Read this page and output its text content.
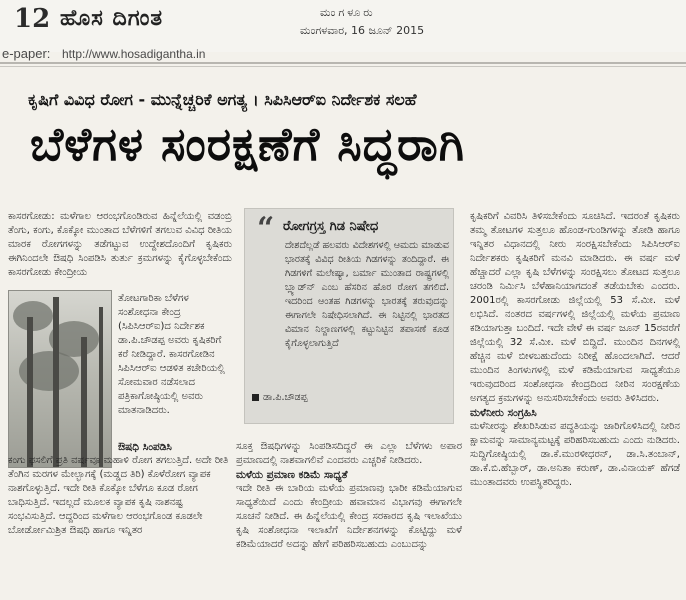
12 ಹೊಸ ದಿಗಂತ	ಮಂಗಳೂರು
ಮಂಗಳವಾರ, 16 ಜೂನ್ 2015
e-paper: http://www.hosadigantha.in
ಕೃಷಿಗೆ ವಿವಿಧ ರೋಗ - ಮುನ್ನೆಚ್ಚರಿಕೆ ಅಗತ್ಯ । ಸಿಪಿಸಿಆರ್‌ಐ ನಿರ್ದೇಶಕ ಸಲಹೆ
ಬೆಳೆಗಳ ಸಂರಕ್ಷಣೆಗೆ ಸಿದ್ಧರಾಗಿ

ಕಾಸರಗೋಡು: ಮಳೆಗಾಲ ಆರಂಭಗೊಂಡಿರುವ ಹಿನ್ನೆಲೆಯಲ್ಲಿ ವಡಂಬ್ರಿ ತೆಂಗು, ಕಂಗು, ಕೊಕ್ಕೋ ಮುಂತಾದ ಬೆಳೆಗಳಿಗೆ ತಗಲುವ ವಿವಿಧ ರೀತಿಯ ಮಾರಕ ರೋಗಗಳನ್ನು ತಡೆಗಟ್ಟುವ ಉದ್ದೇಶದೊಂದಿಗೆ ಕೃಷಿಕರು ಈಗಿನಿಂದಲೇ ಔಷಧಿ ಸಿಂಪಡಿಸಿ ತುರ್ತು ಕ್ರಮಗಳನ್ನು ಕೈಗೊಳ್ಳಬೇಕೆಂದು ಕಾಸರಗೋಡು ಕೇಂದ್ರೀಯ

ತೋಟಗಾರಿಕಾ ಬೆಳೆಗಳ ಸಂಶೋಧನಾ ಕೇಂದ್ರ (ಸಿಪಿಸಿಆರ್‌ಐ)ದ ನಿರ್ದೇಶಕ ಡಾ.ಪಿ.ಚೌಡಪ್ಪ ಅವರು ಕೃಷಿಕರಿಗೆ ಕರೆ ನೀಡಿದ್ದಾರೆ. ಕಾಸರಗೋಡಿನ ಸಿಪಿಸಿಆರ್‌ಐ ಆಡಳಿತ ಕಚೇರಿಯಲ್ಲಿ ಸೋಮವಾರ ನಡೆಸಲಾದ ಪತ್ರಿಕಾಗೋಷ್ಠಿಯಲ್ಲಿ ಅವರು ಮಾತನಾಡಿದರು.

ಔಷಧಿ ಸಿಂಪಡಿಸಿ

ಕಂಗು ಫಸಲಿಗೆ ಪ್ರತಿ ವರ್ಷವೂ ಮಹಾಳಿ ರೋಗ ತಗಲುತ್ತಿದೆ. ಅದೇ ರೀತಿ ತೆಂಗಿನ ಮರಗಳ ಮೇಲ್ಭಾಗಕ್ಕೆ (ಮಡ್ಡದ ತಿರಿ) ಕೊಳೆರೋಗ ವ್ಯಾಪಕ ನಾಶಗೊಳ್ಳುತ್ತಿದೆ. ಇದೇ ರೀತಿ ಕೊಕ್ಕೋ ಬೆಳೆಗೂ ಕೂಡ ರೋಗ ಬಾಧಿಸುತ್ತಿದೆ. ಇದಲ್ಲದೆ ಮೂಲಕ ವ್ಯಾಪಕ ಕೃಷಿ ನಾಶನಷ್ಟ ಸಂಭವಿಸುತ್ತಿದೆ. ಆದ್ದರಿಂದ ಮಳೆಗಾಲ ಆರಂಭಗೊಂಡ ಕೂಡಲೇ ಬೋರ್ಡೋಮಿಶ್ರಿತ ಔಷಧಿ ಹಾಗೂ ಇನ್ನಿತರ

“ ರೋಗಗ್ರಸ್ತ ಗಿಡ ನಿಷೇಧ
ದೇಶದೆಲ್ಲಡೆ ಹಲವರು ವಿದೇಶಗಳಲ್ಲಿ ಆಮದು ಮಾಡುವ ಭಾರತಕ್ಕೆ ವಿವಿಧ ರೀತಿಯ ಗಿಡಗಳನ್ನು ತಂದಿದ್ದಾರೆ. ಈ ಗಿಡಗಳಿಗೆ ಮಲೇಷ್ಯಾ, ಬರ್ಮಾ ಮುಂತಾದ ರಾಷ್ಟ್ರಗಳಲ್ಲಿ ಬ್ಲ್ಯಾಡ್‌ನ್ ಎಂಬ ಹೆಸರಿನ ಹೊರ ರೋಗ ತಗಲಿದೆ. ಇದರಿಂದ ಆಂತಹ ಗಿಡಗಳನ್ನು ಭಾರತಕ್ಕೆ ತರುವುದನ್ನು ಈಗಾಗಲೇ ನಿಷೇಧಿಸಲಾಗಿದೆ. ಈ ನಿಟ್ಟಿನಲ್ಲಿ ಭಾರತದ ವಿಮಾನ ನಿಲ್ದಾಣಗಳಲ್ಲಿ ಕಟ್ಟುನಿಟ್ಟಿನ ತಪಾಸಣೆ ಕೂಡ ಕೈಗೊಳ್ಳಲಾಗುತ್ತಿದೆ
ಡಾ.ಪಿ.ಚೌಡಪ್ಪ

ಸೂಕ್ತ ಔಷಧಿಗಳನ್ನು ಸಿಂಪಡಿಸದಿದ್ದರೆ ಈ ಎಲ್ಲಾ ಬೆಳೆಗಳು ಅಪಾರ ಪ್ರಮಾಣದಲ್ಲಿ ನಾಶವಾಗಲಿವೆ ಎಂದವರು ಎಚ್ಚರಿಕೆ ನೀಡಿದರು.

ಮಳೆಯ ಪ್ರಮಾಣ ಕಡಿಮೆ ಸಾಧ್ಯತೆ

ಇದೇ ರೀತಿ ಈ ಬಾರಿಯ ಮಳೆಯ ಪ್ರಮಾಣವು ಭಾರೀ ಕಡಿಮೆಯಾಗುವ ಸಾಧ್ಯತೆಯಿದೆ ಎಂದು ಕೇಂದ್ರೀಯ ಹವಾಮಾನ ವಿಭಾಗವು ಈಗಾಗಲೇ ಸೂಚನೆ ನೀಡಿದೆ. ಈ ಹಿನ್ನೆಲೆಯಲ್ಲಿ ಕೇಂದ್ರ ಸರಕಾರದ ಕೃಷಿ ಇಲಾಖೆಯು ಕೃಷಿ ಸಂಶೋಧನಾ ಇಲಾಖೆಗೆ ನಿರ್ದೇಶನಗಳನ್ನು ಕೊಟ್ಟಿದ್ದು ಮಳೆ ಕಡಿಮೆಯಾದರೆ ಅದನ್ನು ಹೇಗೆ ಪರಿಹರಿಸಬಹುದು ಎಂಬುದನ್ನು

ಕೃಷಿಕರಿಗೆ ವಿವರಿಸಿ ತಿಳಿಸಬೇಕೆಂದು ಸೂಚಿಸಿದೆ. ಇದರಂತೆ ಕೃಷಿಕರು ತಮ್ಮ ತೋಟಗಳ ಸುತ್ತಲೂ ಹೊಂಡ-ಗುಂಡಿಗಳನ್ನು ತೋಡಿ ಹಾಗೂ ಇನ್ನಿತರ ವಿಧಾನದಲ್ಲಿ ನೀರು ಸಂರಕ್ಷಿಸಬೇಕೆಂದು ಸಿಪಿಸಿಆರ್‌ಐ ನಿರ್ದೇಶಕರು ಕೃಷಿಕರಿಗೆ ಮನವಿ ಮಾಡಿದರು. ಈ ವರ್ಷ ಮಳೆ ಹೆಚ್ಚಾದರೆ ಎಲ್ಲಾ ಕೃಷಿ ಬೆಳೆಗಳನ್ನು ಸಂರಕ್ಷಿಸಲು ತೋಟದ ಸುತ್ತಲೂ ಚರಂಡಿ ನಿರ್ಮಿಸಿ ಬೆಳೆಹಾನಿಯಾಗದಂತೆ ತಡೆಯಬೇಕು ಎಂದರು. 2001ರಲ್ಲಿ ಕಾಸರಗೋಡು ಜಿಲ್ಲೆಯಲ್ಲಿ 53 ಸೆ.ಮೀ. ಮಳೆ ಲಭಿಸಿದೆ. ನಂತರದ ವರ್ಷಗಳಲ್ಲಿ ಜಿಲ್ಲೆಯಲ್ಲಿ ಮಳೆಯ ಪ್ರಮಾಣ ಕಡಿಯಾಗುತ್ತಾ ಬಂದಿದೆ. ಇದೇ ವೇಳೆ ಈ ವರ್ಷ ಜೂನ್ 15ರವರೆಗೆ ಜಿಲ್ಲೆಯಲ್ಲಿ 32 ಸೆ.ಮೀ. ಮಳೆ ಬಿದ್ದಿದೆ. ಮುಂದಿನ ದಿನಗಳಲ್ಲಿ ಹೆಚ್ಚಿನ ಮಳೆ ಬೀಳಬಹುದೆಂದು ನಿರೀಕ್ಷೆ ಹೊಂದಲಾಗಿದೆ. ಆದರೆ ಮುಂದಿನ ತಿಂಗಳುಗಳಲ್ಲಿ ಮಳೆ ಕಡಿಮೆಯಾಗುವ ಸಾಧ್ಯತೆಯೂ ಇರುವುದರಿಂದ ಸಂಶೋಧನಾ ಕೇಂದ್ರದಿಂದ ನೀರಿನ ಸಂರಕ್ಷಣೆಯ ಅಗತ್ಯದ ಕ್ರಮಗಳನ್ನು ಅನುಸರಿಸಬೇಕೆಂದು ಅವರು ತಿಳಿಸಿದರು.

ಮಳೆನೀರು ಸಂಗ್ರಹಿಸಿ

ಮಳೆನೀರನ್ನು ಶೇಖರಿಸಿಡುವ ಪದ್ಧತಿಯನ್ನು ಜಾರಿಗೊಳಿಸಿದಲ್ಲಿ ನೀರಿನ ಕ್ಷಾಮವನ್ನು ಸಾಮಾನ್ಯಮಟ್ಟಕ್ಕೆ ಪರಿಹರಿಸಬಹುದು ಎಂದು ನುಡಿದರು. ಸುದ್ದಿಗೋಷ್ಠಿಯಲ್ಲಿ ಡಾ.ಕೆ.ಮುರಳೀಧರನ್, ಡಾ.ಸಿ.ತಂಬಾನ್, ಡಾ.ಕೆ.ಬಿ.ಹೆಬ್ಬಾರ್, ಡಾ.ಅನಿತಾ ಕರುಣ್, ಡಾ.ವಿನಾಯಕ್ ಹೆಗಡೆ ಮುಂತಾದವರು ಉಪಸ್ಥಿತರಿದ್ದರು.
